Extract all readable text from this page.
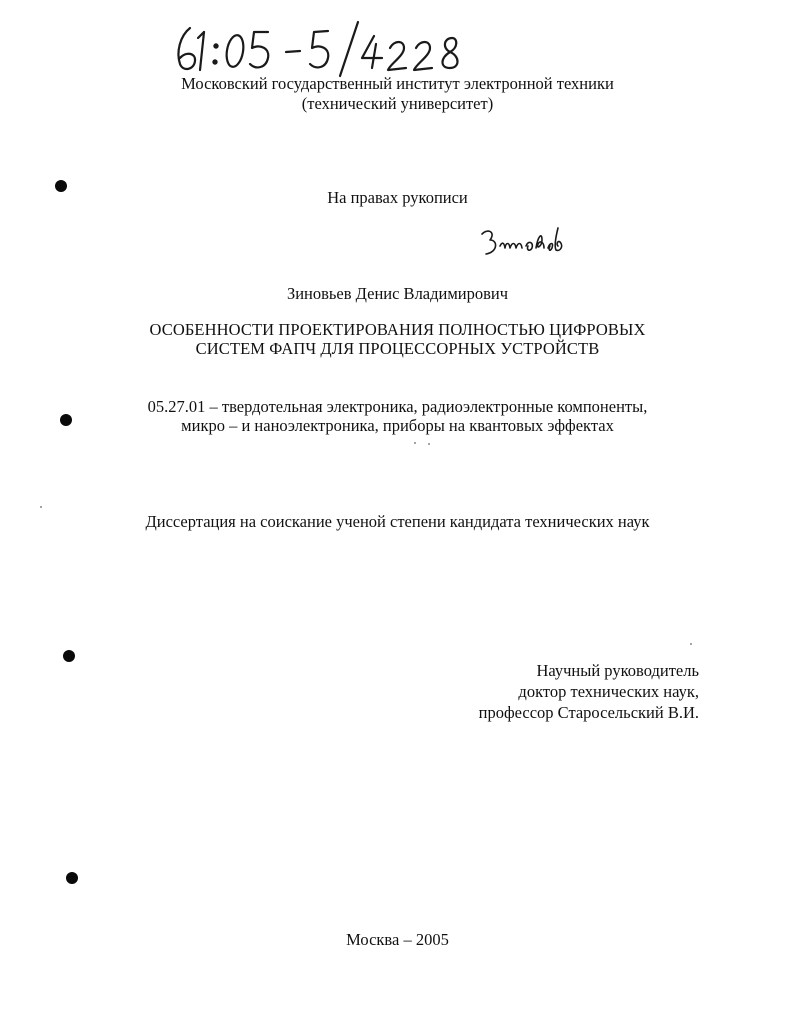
Московский государственный институт электронной техники
(технический университет)
На правах рукописи
Зиновьев Денис Владимирович
ОСОБЕННОСТИ ПРОЕКТИРОВАНИЯ ПОЛНОСТЬЮ ЦИФРОВЫХ
СИСТЕМ ФАПЧ ДЛЯ ПРОЦЕССОРНЫХ УСТРОЙСТВ
05.27.01 – твердотельная электроника, радиоэлектронные компоненты,
микро – и наноэлектроника, приборы на квантовых эффектах
Диссертация на соискание ученой степени кандидата технических наук
Научный руководитель
доктор технических наук,
профессор Старосельский В.И.
Москва – 2005
